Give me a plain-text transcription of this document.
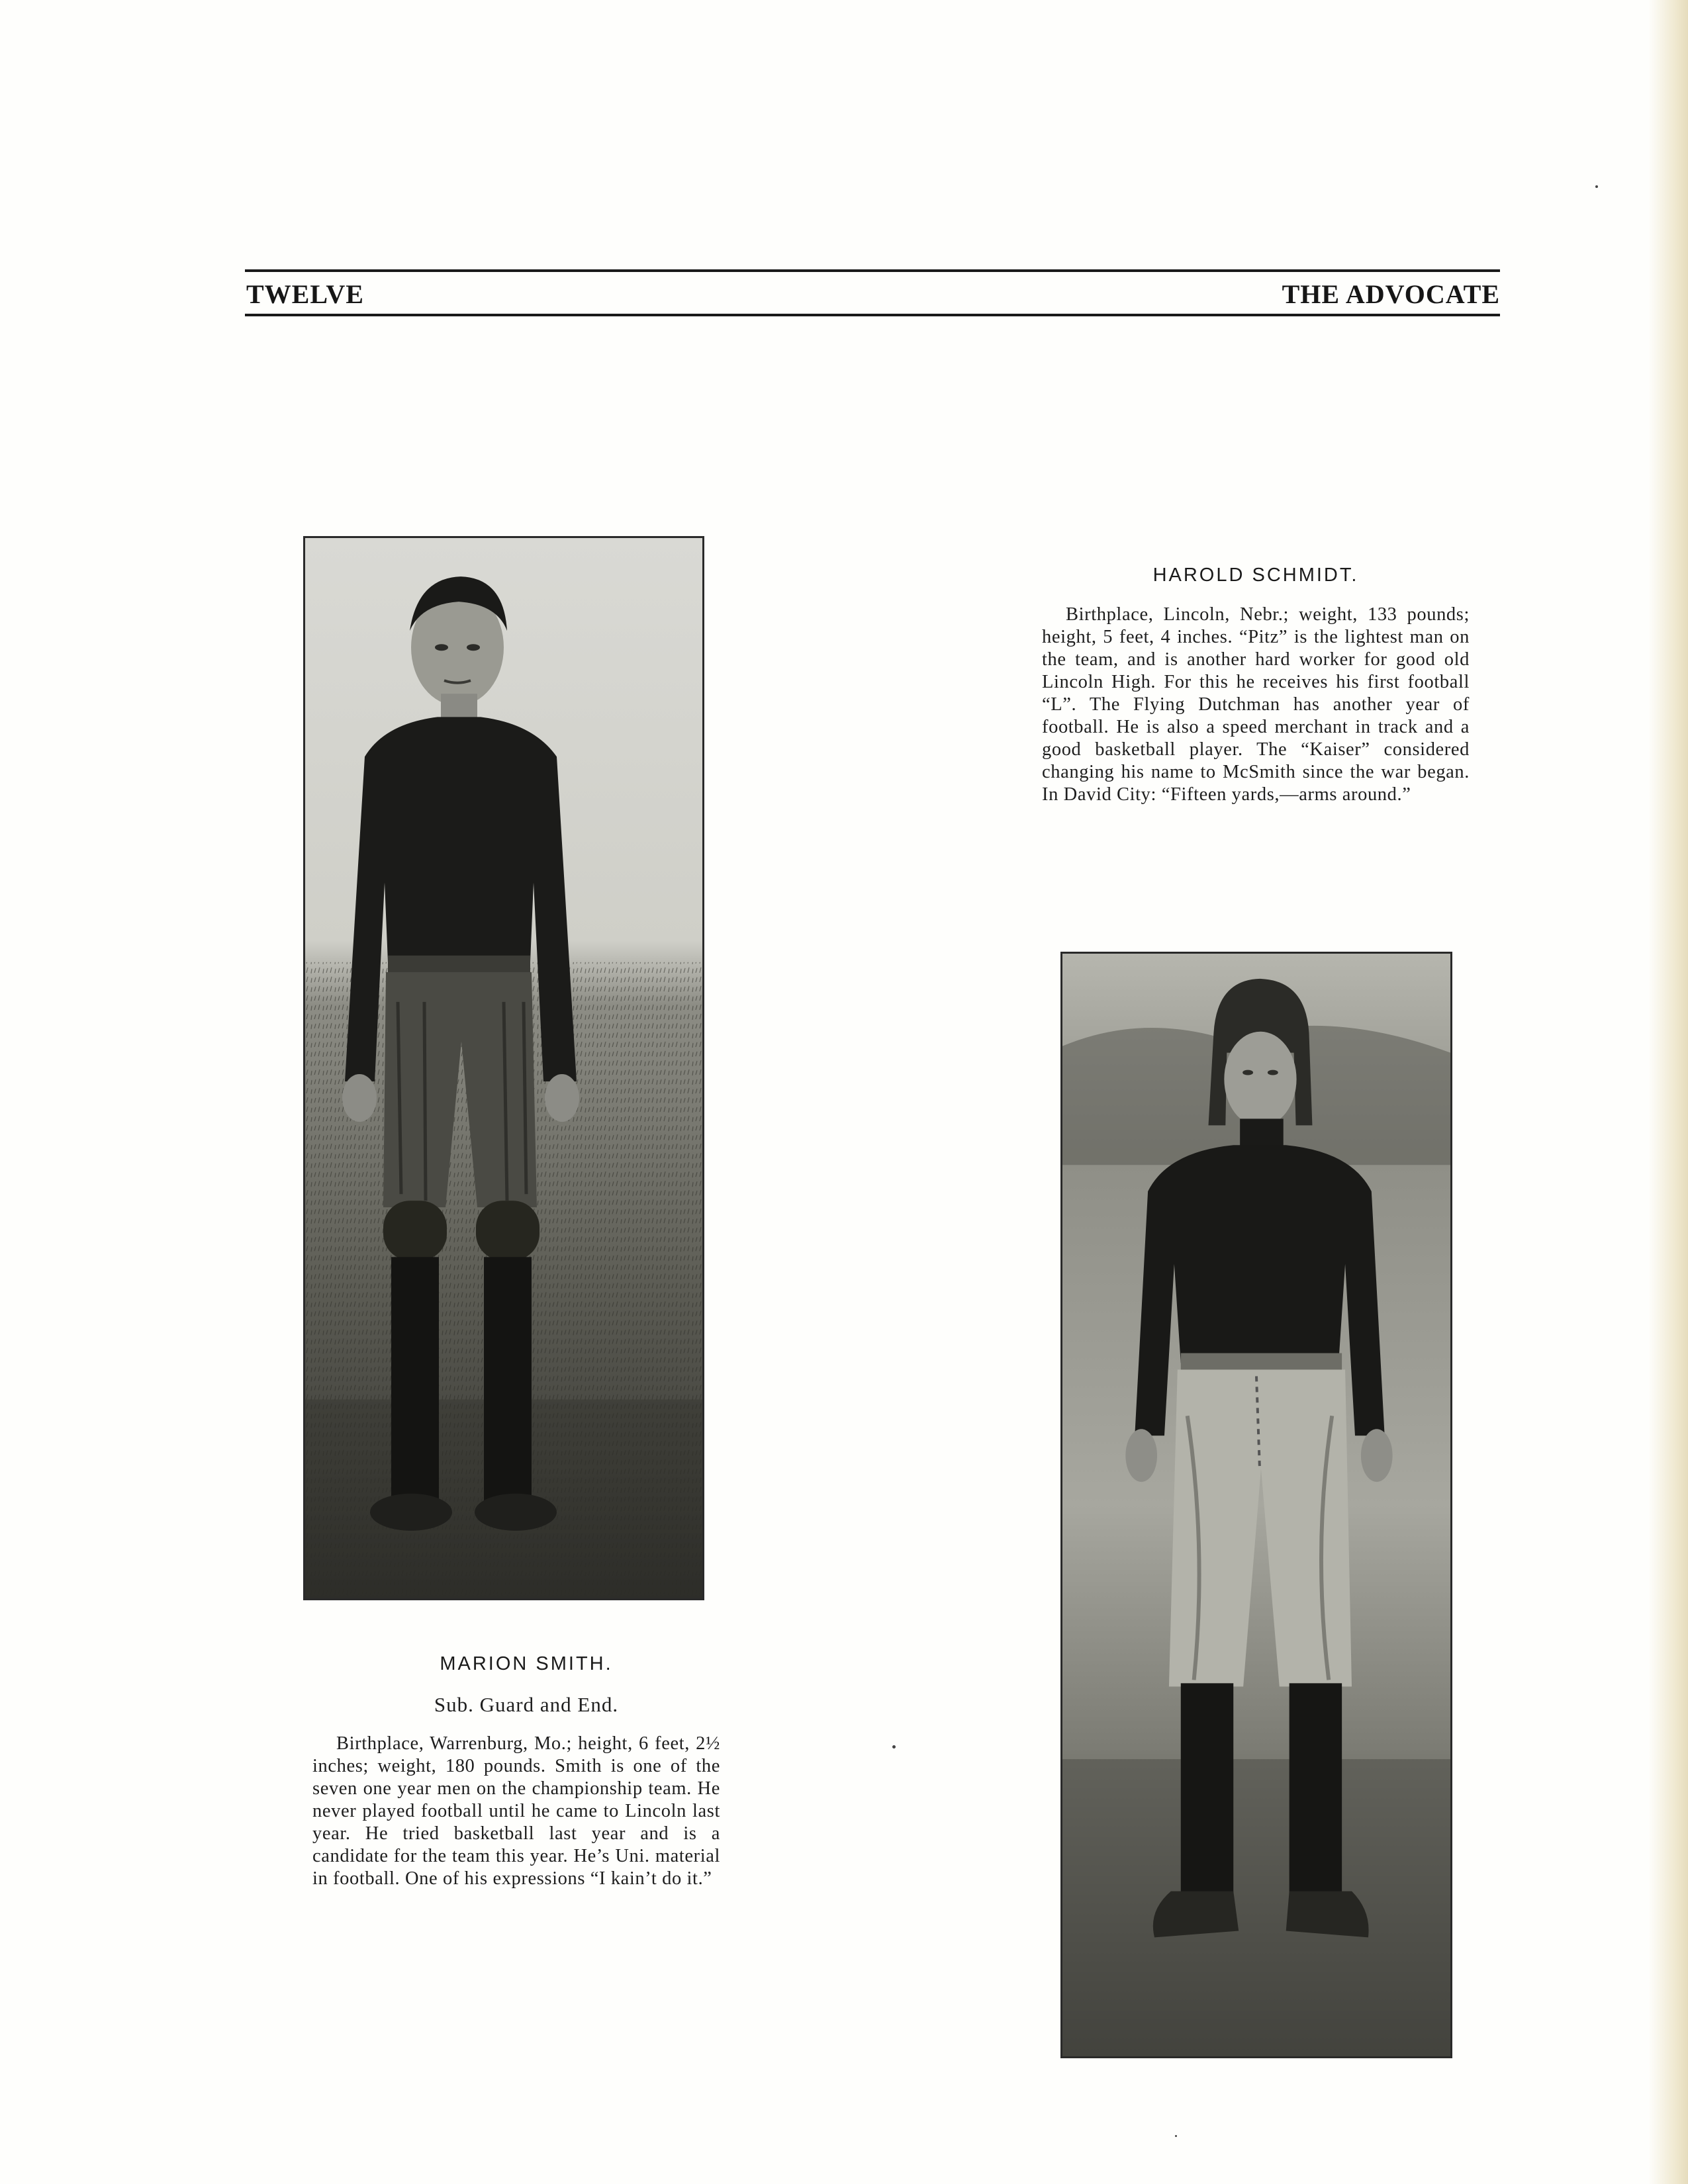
TWELVE	THE ADVOCATE
HAROLD SCHMIDT.

Birthplace, Lincoln, Nebr.; weight, 133 pounds; height, 5 feet, 4 inches. “Pitz” is the lightest man on the team, and is another hard worker for good old Lincoln High. For this he receives his first football “L”. The Flying Dutchman has another year of football. He is also a speed merchant in track and a good basketball player. The “Kaiser” considered changing his name to McSmith since the war began. In David City: “Fifteen yards,—arms around.”

MARION SMITH.
Sub. Guard and End.

Birthplace, Warrenburg, Mo.; height, 6 feet, 2½ inches; weight, 180 pounds. Smith is one of the seven one year men on the championship team. He never played football until he came to Lincoln last year. He tried basketball last year and is a candidate for the team this year. He’s Uni. material in football. One of his expressions “I kain’t do it.”
